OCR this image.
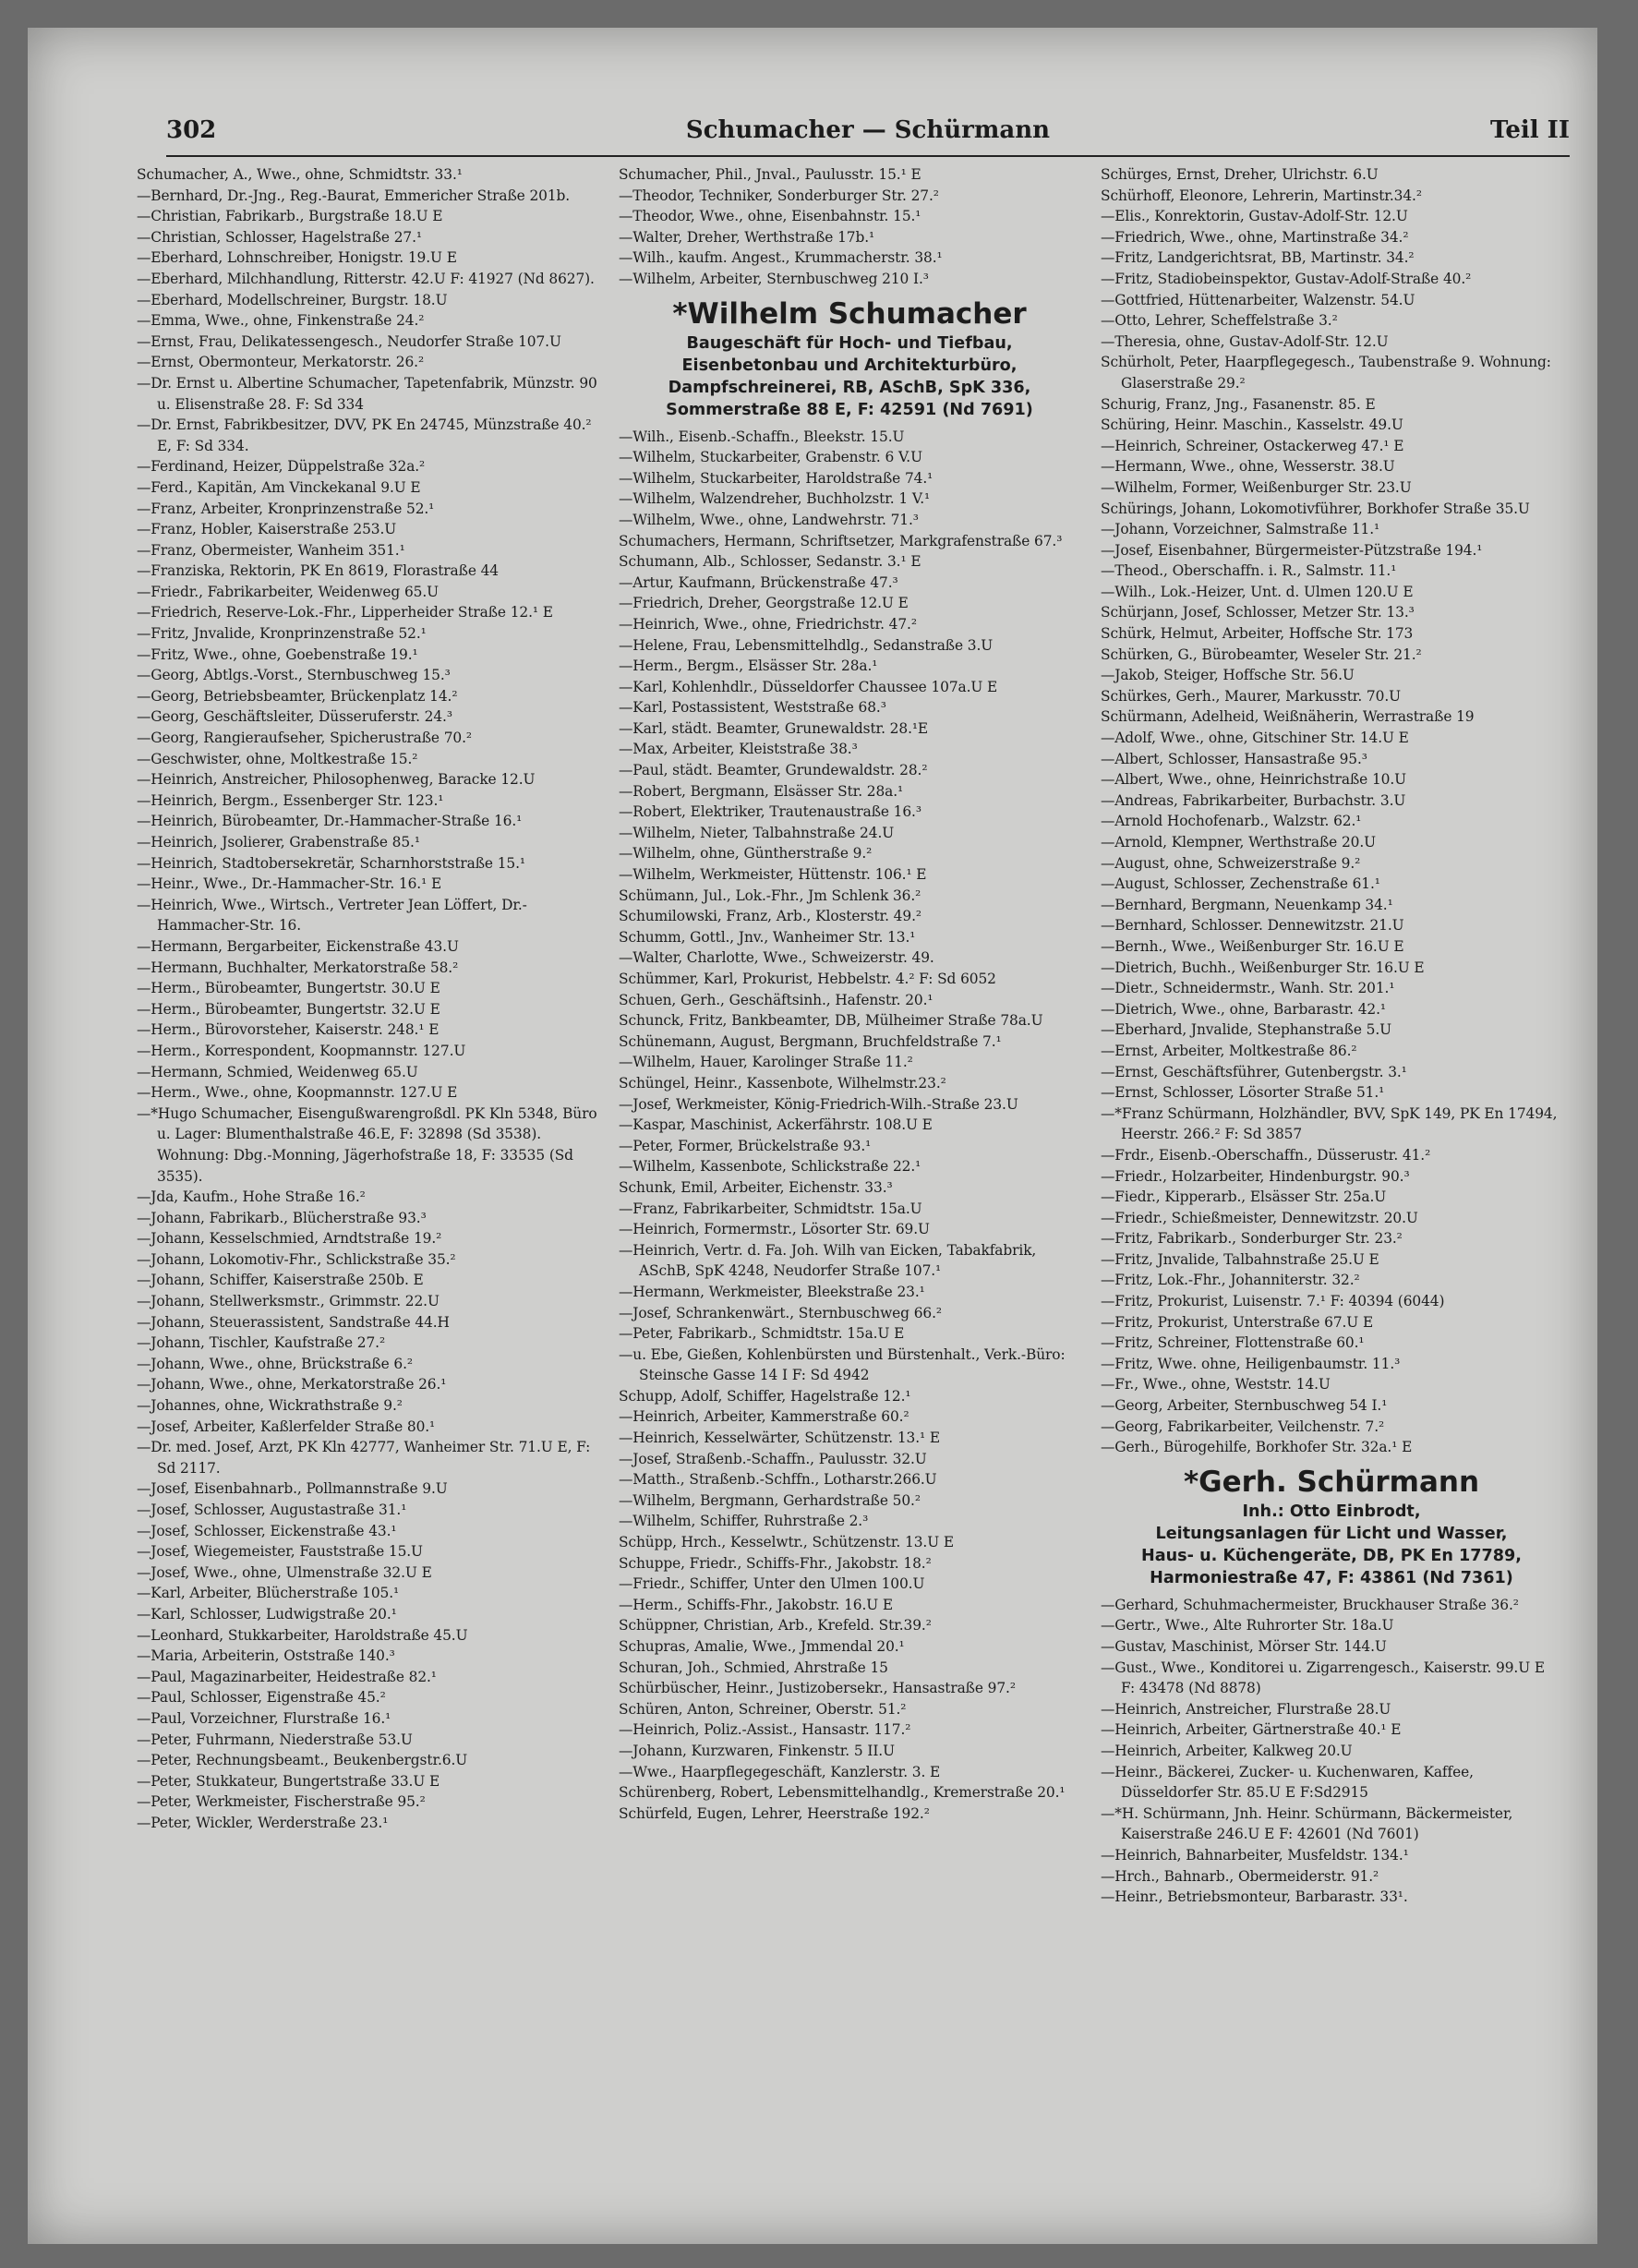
302	Schumacher — Schürmann	Teil II

Schumacher, A., Wwe., ohne, Schmidtstr. 33.¹

—Bernhard, Dr.-Jng., Reg.-Baurat, Emmericher Straße 201b.

—Christian, Fabrikarb., Burgstraße 18.U E

—Christian, Schlosser, Hagelstraße 27.¹

—Eberhard, Lohnschreiber, Honigstr. 19.U E

—Eberhard, Milchhandlung, Ritterstr. 42.U F: 41927 (Nd 8627).

—Eberhard, Modellschreiner, Burgstr. 18.U

—Emma, Wwe., ohne, Finkenstraße 24.²

—Ernst, Frau, Delikatessengesch., Neudorfer Straße 107.U

—Ernst, Obermonteur, Merkatorstr. 26.²

—Dr. Ernst u. Albertine Schumacher, Tapetenfabrik, Münzstr. 90 u. Elisenstraße 28. F: Sd 334

—Dr. Ernst, Fabrikbesitzer, DVV, PK En 24745, Münzstraße 40.² E, F: Sd 334.

—Ferdinand, Heizer, Düppelstraße 32a.²

—Ferd., Kapitän, Am Vinckekanal 9.U E

—Franz, Arbeiter, Kronprinzenstraße 52.¹

—Franz, Hobler, Kaiserstraße 253.U

—Franz, Obermeister, Wanheim 351.¹

—Franziska, Rektorin, PK En 8619, Florastraße 44

—Friedr., Fabrikarbeiter, Weidenweg 65.U

—Friedrich, Reserve-Lok.-Fhr., Lipperheider Straße 12.¹ E

—Fritz, Jnvalide, Kronprinzenstraße 52.¹

—Fritz, Wwe., ohne, Goebenstraße 19.¹

—Georg, Abtlgs.-Vorst., Sternbuschweg 15.³

—Georg, Betriebsbeamter, Brückenplatz 14.²

—Georg, Geschäftsleiter, Düsseruferstr. 24.³

—Georg, Rangieraufseher, Spicherustraße 70.²

—Geschwister, ohne, Moltkestraße 15.²

—Heinrich, Anstreicher, Philosophenweg, Baracke 12.U

—Heinrich, Bergm., Essenberger Str. 123.¹

—Heinrich, Bürobeamter, Dr.-Hammacher-Straße 16.¹

—Heinrich, Jsolierer, Grabenstraße 85.¹

—Heinrich, Stadtobersekretär, Scharnhorststraße 15.¹

—Heinr., Wwe., Dr.-Hammacher-Str. 16.¹ E

—Heinrich, Wwe., Wirtsch., Vertreter Jean Löffert, Dr.-Hammacher-Str. 16.

—Hermann, Bergarbeiter, Eickenstraße 43.U

—Hermann, Buchhalter, Merkatorstraße 58.²

—Herm., Bürobeamter, Bungertstr. 30.U E

—Herm., Bürobeamter, Bungertstr. 32.U E

—Herm., Bürovorsteher, Kaiserstr. 248.¹ E

—Herm., Korrespondent, Koopmannstr. 127.U

—Hermann, Schmied, Weidenweg 65.U

—Herm., Wwe., ohne, Koopmannstr. 127.U E

—*Hugo Schumacher, Eisengußwarengroßdl. PK Kln 5348, Büro u. Lager: Blumenthalstraße 46.E, F: 32898 (Sd 3538). Wohnung: Dbg.-Monning, Jägerhofstraße 18, F: 33535 (Sd 3535).

—Jda, Kaufm., Hohe Straße 16.²

—Johann, Fabrikarb., Blücherstraße 93.³

—Johann, Kesselschmied, Arndtstraße 19.²

—Johann, Lokomotiv-Fhr., Schlickstraße 35.²

—Johann, Schiffer, Kaiserstraße 250b. E

—Johann, Stellwerksmstr., Grimmstr. 22.U

—Johann, Steuerassistent, Sandstraße 44.H

—Johann, Tischler, Kaufstraße 27.²

—Johann, Wwe., ohne, Brückstraße 6.²

—Johann, Wwe., ohne, Merkatorstraße 26.¹

—Johannes, ohne, Wickrathstraße 9.²

—Josef, Arbeiter, Kaßlerfelder Straße 80.¹

—Dr. med. Josef, Arzt, PK Kln 42777, Wanheimer Str. 71.U E, F: Sd 2117.

—Josef, Eisenbahnarb., Pollmannstraße 9.U

—Josef, Schlosser, Augustastraße 31.¹

—Josef, Schlosser, Eickenstraße 43.¹

—Josef, Wiegemeister, Fauststraße 15.U

—Josef, Wwe., ohne, Ulmenstraße 32.U E

—Karl, Arbeiter, Blücherstraße 105.¹

—Karl, Schlosser, Ludwigstraße 20.¹

—Leonhard, Stukkarbeiter, Haroldstraße 45.U

—Maria, Arbeiterin, Oststraße 140.³

—Paul, Magazinarbeiter, Heidestraße 82.¹

—Paul, Schlosser, Eigenstraße 45.²

—Paul, Vorzeichner, Flurstraße 16.¹

—Peter, Fuhrmann, Niederstraße 53.U

—Peter, Rechnungsbeamt., Beukenbergstr.6.U

—Peter, Stukkateur, Bungertstraße 33.U E

—Peter, Werkmeister, Fischerstraße 95.²

—Peter, Wickler, Werderstraße 23.¹

Schumacher, Phil., Jnval., Paulusstr. 15.¹ E

—Theodor, Techniker, Sonderburger Str. 27.²

—Theodor, Wwe., ohne, Eisenbahnstr. 15.¹

—Walter, Dreher, Werthstraße 17b.¹

—Wilh., kaufm. Angest., Krummacherstr. 38.¹

—Wilhelm, Arbeiter, Sternbuschweg 210 I.³

*Wilhelm Schumacher
Baugeschäft für Hoch- und Tiefbau,
Eisenbetonbau und Architekturbüro,
Dampfschreinerei, RB, ASchB, SpK 336,
Sommerstraße 88 E, F: 42591 (Nd 7691)

—Wilh., Eisenb.-Schaffn., Bleekstr. 15.U

—Wilhelm, Stuckarbeiter, Grabenstr. 6 V.U

—Wilhelm, Stuckarbeiter, Haroldstraße 74.¹

—Wilhelm, Walzendreher, Buchholzstr. 1 V.¹

—Wilhelm, Wwe., ohne, Landwehrstr. 71.³

Schumachers, Hermann, Schriftsetzer, Markgrafenstraße 67.³

Schumann, Alb., Schlosser, Sedanstr. 3.¹ E

—Artur, Kaufmann, Brückenstraße 47.³

—Friedrich, Dreher, Georgstraße 12.U E

—Heinrich, Wwe., ohne, Friedrichstr. 47.²

—Helene, Frau, Lebensmittelhdlg., Sedanstraße 3.U

—Herm., Bergm., Elsässer Str. 28a.¹

—Karl, Kohlenhdlr., Düsseldorfer Chaussee 107a.U E

—Karl, Postassistent, Weststraße 68.³

—Karl, städt. Beamter, Grunewaldstr. 28.¹E

—Max, Arbeiter, Kleiststraße 38.³

—Paul, städt. Beamter, Grundewaldstr. 28.²

—Robert, Bergmann, Elsässer Str. 28a.¹

—Robert, Elektriker, Trautenaustraße 16.³

—Wilhelm, Nieter, Talbahnstraße 24.U

—Wilhelm, ohne, Güntherstraße 9.²

—Wilhelm, Werkmeister, Hüttenstr. 106.¹ E

Schümann, Jul., Lok.-Fhr., Jm Schlenk 36.²

Schumilowski, Franz, Arb., Klosterstr. 49.²

Schumm, Gottl., Jnv., Wanheimer Str. 13.¹

—Walter, Charlotte, Wwe., Schweizerstr. 49.

Schümmer, Karl, Prokurist, Hebbelstr. 4.² F: Sd 6052

Schuen, Gerh., Geschäftsinh., Hafenstr. 20.¹

Schunck, Fritz, Bankbeamter, DB, Mülheimer Straße 78a.U

Schünemann, August, Bergmann, Bruchfeldstraße 7.¹

—Wilhelm, Hauer, Karolinger Straße 11.²

Schüngel, Heinr., Kassenbote, Wilhelmstr.23.²

—Josef, Werkmeister, König-Friedrich-Wilh.-Straße 23.U

—Kaspar, Maschinist, Ackerfährstr. 108.U E

—Peter, Former, Brückelstraße 93.¹

—Wilhelm, Kassenbote, Schlickstraße 22.¹

Schunk, Emil, Arbeiter, Eichenstr. 33.³

—Franz, Fabrikarbeiter, Schmidtstr. 15a.U

—Heinrich, Formermstr., Lösorter Str. 69.U

—Heinrich, Vertr. d. Fa. Joh. Wilh van Eicken, Tabakfabrik, ASchB, SpK 4248, Neudorfer Straße 107.¹

—Hermann, Werkmeister, Bleekstraße 23.¹

—Josef, Schrankenwärt., Sternbuschweg 66.²

—Peter, Fabrikarb., Schmidtstr. 15a.U E

—u. Ebe, Gießen, Kohlenbürsten und Bürstenhalt., Verk.-Büro: Steinsche Gasse 14 I F: Sd 4942

Schupp, Adolf, Schiffer, Hagelstraße 12.¹

—Heinrich, Arbeiter, Kammerstraße 60.²

—Heinrich, Kesselwärter, Schützenstr. 13.¹ E

—Josef, Straßenb.-Schaffn., Paulusstr. 32.U

—Matth., Straßenb.-Schffn., Lotharstr.266.U

—Wilhelm, Bergmann, Gerhardstraße 50.²

—Wilhelm, Schiffer, Ruhrstraße 2.³

Schüpp, Hrch., Kesselwtr., Schützenstr. 13.U E

Schuppe, Friedr., Schiffs-Fhr., Jakobstr. 18.²

—Friedr., Schiffer, Unter den Ulmen 100.U

—Herm., Schiffs-Fhr., Jakobstr. 16.U E

Schüppner, Christian, Arb., Krefeld. Str.39.²

Schupras, Amalie, Wwe., Jmmendal 20.¹

Schuran, Joh., Schmied, Ahrstraße 15

Schürbüscher, Heinr., Justizobersekr., Hansastraße 97.²

Schüren, Anton, Schreiner, Oberstr. 51.²

—Heinrich, Poliz.-Assist., Hansastr. 117.²

—Johann, Kurzwaren, Finkenstr. 5 II.U

—Wwe., Haarpflegegeschäft, Kanzlerstr. 3. E

Schürenberg, Robert, Lebensmittelhandlg., Kremerstraße 20.¹

Schürfeld, Eugen, Lehrer, Heerstraße 192.²

Schürges, Ernst, Dreher, Ulrichstr. 6.U

Schürhoff, Eleonore, Lehrerin, Martinstr.34.²

—Elis., Konrektorin, Gustav-Adolf-Str. 12.U

—Friedrich, Wwe., ohne, Martinstraße 34.²

—Fritz, Landgerichtsrat, BB, Martinstr. 34.²

—Fritz, Stadiobeinspektor, Gustav-Adolf-Straße 40.²

—Gottfried, Hüttenarbeiter, Walzenstr. 54.U

—Otto, Lehrer, Scheffelstraße 3.²

—Theresia, ohne, Gustav-Adolf-Str. 12.U

Schürholt, Peter, Haarpflegegesch., Taubenstraße 9. Wohnung: Glaserstraße 29.²

Schurig, Franz, Jng., Fasanenstr. 85. E

Schüring, Heinr. Maschin., Kasselstr. 49.U

—Heinrich, Schreiner, Ostackerweg 47.¹ E

—Hermann, Wwe., ohne, Wesserstr. 38.U

—Wilhelm, Former, Weißenburger Str. 23.U

Schürings, Johann, Lokomotivführer, Borkhofer Straße 35.U

—Johann, Vorzeichner, Salmstraße 11.¹

—Josef, Eisenbahner, Bürgermeister-Pützstraße 194.¹

—Theod., Oberschaffn. i. R., Salmstr. 11.¹

—Wilh., Lok.-Heizer, Unt. d. Ulmen 120.U E

Schürjann, Josef, Schlosser, Metzer Str. 13.³

Schürk, Helmut, Arbeiter, Hoffsche Str. 173

Schürken, G., Bürobeamter, Weseler Str. 21.²

—Jakob, Steiger, Hoffsche Str. 56.U

Schürkes, Gerh., Maurer, Markusstr. 70.U

Schürmann, Adelheid, Weißnäherin, Werrastraße 19

—Adolf, Wwe., ohne, Gitschiner Str. 14.U E

—Albert, Schlosser, Hansastraße 95.³

—Albert, Wwe., ohne, Heinrichstraße 10.U

—Andreas, Fabrikarbeiter, Burbachstr. 3.U

—Arnold Hochofenarb., Walzstr. 62.¹

—Arnold, Klempner, Werthstraße 20.U

—August, ohne, Schweizerstraße 9.²

—August, Schlosser, Zechenstraße 61.¹

—Bernhard, Bergmann, Neuenkamp 34.¹

—Bernhard, Schlosser. Dennewitzstr. 21.U

—Bernh., Wwe., Weißenburger Str. 16.U E

—Dietrich, Buchh., Weißenburger Str. 16.U E

—Dietr., Schneidermstr., Wanh. Str. 201.¹

—Dietrich, Wwe., ohne, Barbarastr. 42.¹

—Eberhard, Jnvalide, Stephanstraße 5.U

—Ernst, Arbeiter, Moltkestraße 86.²

—Ernst, Geschäftsführer, Gutenbergstr. 3.¹

—Ernst, Schlosser, Lösorter Straße 51.¹

—*Franz Schürmann, Holzhändler, BVV, SpK 149, PK En 17494, Heerstr. 266.² F: Sd 3857

—Frdr., Eisenb.-Oberschaffn., Düsserustr. 41.²

—Friedr., Holzarbeiter, Hindenburgstr. 90.³

—Fiedr., Kipperarb., Elsässer Str. 25a.U

—Friedr., Schießmeister, Dennewitzstr. 20.U

—Fritz, Fabrikarb., Sonderburger Str. 23.²

—Fritz, Jnvalide, Talbahnstraße 25.U E

—Fritz, Lok.-Fhr., Johanniterstr. 32.²

—Fritz, Prokurist, Luisenstr. 7.¹ F: 40394 (6044)

—Fritz, Prokurist, Unterstraße 67.U E

—Fritz, Schreiner, Flottenstraße 60.¹

—Fritz, Wwe. ohne, Heiligenbaumstr. 11.³

—Fr., Wwe., ohne, Weststr. 14.U

—Georg, Arbeiter, Sternbuschweg 54 I.¹

—Georg, Fabrikarbeiter, Veilchenstr. 7.²

—Gerh., Bürogehilfe, Borkhofer Str. 32a.¹ E

*Gerh. Schürmann
Inh.: Otto Einbrodt,
Leitungsanlagen für Licht und Wasser,
Haus- u. Küchengeräte, DB, PK En 17789,
Harmoniestraße 47, F: 43861 (Nd 7361)

—Gerhard, Schuhmachermeister, Bruckhauser Straße 36.²

—Gertr., Wwe., Alte Ruhrorter Str. 18a.U

—Gustav, Maschinist, Mörser Str. 144.U

—Gust., Wwe., Konditorei u. Zigarrengesch., Kaiserstr. 99.U E F: 43478 (Nd 8878)

—Heinrich, Anstreicher, Flurstraße 28.U

—Heinrich, Arbeiter, Gärtnerstraße 40.¹ E

—Heinrich, Arbeiter, Kalkweg 20.U

—Heinr., Bäckerei, Zucker- u. Kuchenwaren, Kaffee, Düsseldorfer Str. 85.U E F:Sd2915

—*H. Schürmann, Jnh. Heinr. Schürmann, Bäckermeister, Kaiserstraße 246.U E F: 42601 (Nd 7601)

—Heinrich, Bahnarbeiter, Musfeldstr. 134.¹

—Hrch., Bahnarb., Obermeiderstr. 91.²

—Heinr., Betriebsmonteur, Barbarastr. 33¹.
